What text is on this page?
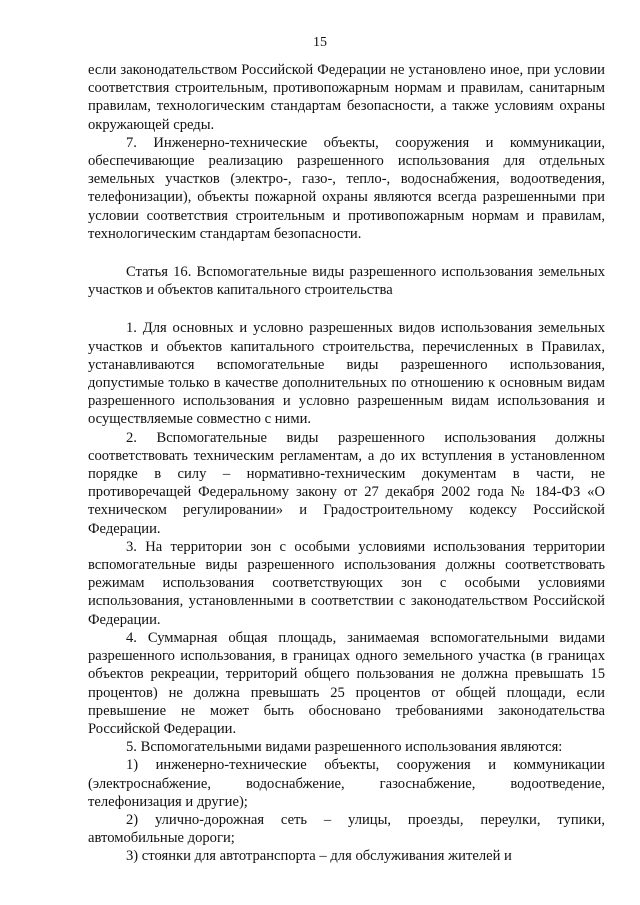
15

если законодательством Российской Федерации не установлено иное, при условии соответствия строительным, противопожарным нормам и правилам, санитарным правилам, технологическим стандартам безопасности, а также условиям охраны окружающей среды.

7. Инженерно-технические объекты, сооружения и коммуникации, обеспечивающие реализацию разрешенного использования для отдельных земельных участков (электро-, газо-, тепло-, водоснабжения, водоотведения, телефонизации), объекты пожарной охраны являются всегда разрешенными при условии соответствия строительным и противопожарным нормам и правилам, технологическим стандартам безопасности.

Статья 16. Вспомогательные виды разрешенного использования земельных участков и объектов капитального строительства

1. Для основных и условно разрешенных видов использования земельных участков и объектов капитального строительства, перечисленных в Правилах, устанавливаются вспомогательные виды разрешенного использования, допустимые только в качестве дополнительных по отношению к основным видам разрешенного использования и условно разрешенным видам использования и осуществляемые совместно с ними.

2. Вспомогательные виды разрешенного использования должны соответствовать техническим регламентам, а до их вступления в установленном порядке в силу – нормативно-техническим документам в части, не противоречащей Федеральному закону от 27 декабря 2002 года № 184-ФЗ «О техническом регулировании» и Градостроительному кодексу Российской Федерации.

3. На территории зон с особыми условиями использования территории вспомогательные виды разрешенного использования должны соответствовать режимам использования соответствующих зон с особыми условиями использования, установленными в соответствии с законодательством Российской Федерации.

4. Суммарная общая площадь, занимаемая вспомогательными видами разрешенного использования, в границах одного земельного участка (в границах объектов рекреации, территорий общего пользования не должна превышать 15 процентов) не должна превышать 25 процентов от общей площади, если превышение не может быть обосновано требованиями законодательства Российской Федерации.

5. Вспомогательными видами разрешенного использования являются:

1) инженерно-технические объекты, сооружения и коммуникации (электроснабжение, водоснабжение, газоснабжение, водоотведение, телефонизация и другие);

2) улично-дорожная сеть – улицы, проезды, переулки, тупики, автомобильные дороги;

3) стоянки для автотранспорта – для обслуживания жителей и
